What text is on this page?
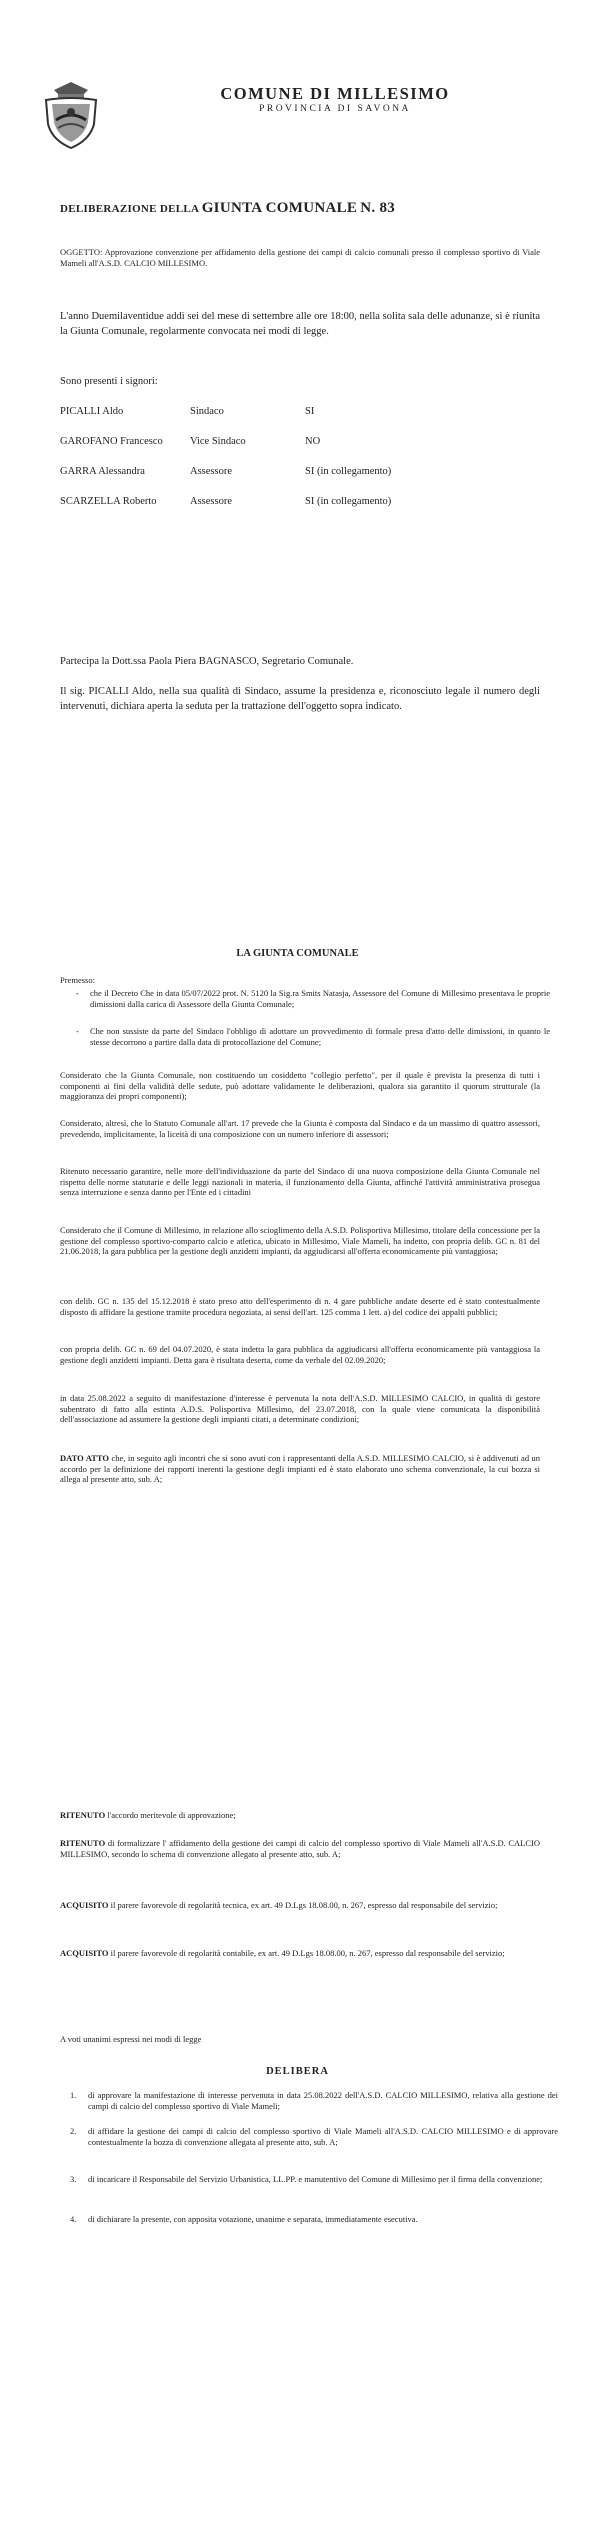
COMUNE DI MILLESIMO
PROVINCIA DI SAVONA
DELIBERAZIONE DELLA GIUNTA COMUNALE N. 83
OGGETTO: Approvazione convenzione per affidamento della gestione dei campi di calcio comunali presso il complesso sportivo di Viale Mameli all'A.S.D. CALCIO MILLESIMO.
L'anno Duemilaventidue addì sei del mese di settembre alle ore 18:00, nella solita sala delle adunanze, si è riunita la Giunta Comunale, regolarmente convocata nei modi di legge.
Sono presenti i signori:
PICALLI Aldo	Sindaco	SI
GAROFANO Francesco	Vice Sindaco	NO
GARRA Alessandra	Assessore	SI (in collegamento)
SCARZELLA Roberto	Assessore	SI (in collegamento)
Partecipa la Dott.ssa Paola Piera BAGNASCO, Segretario Comunale.
Il sig. PICALLI Aldo, nella sua qualità di Sindaco, assume la presidenza e, riconosciuto legale il numero degli intervenuti, dichiara aperta la seduta per la trattazione dell'oggetto sopra indicato.
LA GIUNTA COMUNALE
Premesso:
- che il Decreto Che in data 05/07/2022 prot. N. 5120 la Sig.ra Smits Natasja, Assessore del Comune di Millesimo presentava le proprie dimissioni dalla carica di Assessore della Giunta Comunale;
- Che non sussiste da parte del Sindaco l'obbligo di adottare un provvedimento di formale presa d'atto delle dimissioni, in quanto le stesse decorrono a partire dalla data di protocollazione del Comune;
Considerato che la Giunta Comunale, non costituendo un cosiddetto "collegio perfetto", per il quale è prevista la presenza di tutti i componenti ai fini della validità delle sedute, può adottare validamente le deliberazioni, qualora sia garantito il quorum strutturale (la maggioranza dei propri componenti);
Considerato, altresì, che lo Statuto Comunale all'art. 17 prevede che la Giunta è composta dal Sindaco e da un massimo di quattro assessori, prevedendo, implicitamente, la liceità di una composizione con un numero inferiore di assessori;
Ritenuto necessario garantire, nelle more dell'individuazione da parte del Sindaco di una nuova composizione della Giunta Comunale nel rispetto delle norme statutarie e delle leggi nazionali in materia, il funzionamento della Giunta, affinché l'attività amministrativa prosegua senza interruzione e senza danno per l'Ente ed i cittadini
Considerato che il Comune di Millesimo, in relazione allo scioglimento della A.S.D. Polisportiva Millesimo, titolare della concessione per la gestione del complesso sportivo-comparto calcio e atletica, ubicato in Millesimo, Viale Mameli, ha indetto, con propria delib. GC n. 81 del 21.06.2018, la gara pubblica per la gestione degli anzidetti impianti, da aggiudicarsi all'offerta economicamente più vantaggiosa;
con delib. GC n. 135 del 15.12.2018 è stato preso atto dell'esperimento di n. 4 gare pubbliche andate deserte ed è stato contestualmente disposto di affidare la gestione tramite procedura negoziata, ai sensi dell'art. 125 comma 1 lett. a) del codice dei appalti pubblici;
con propria delib. GC n. 69 del 04.07.2020, è stata indetta la gara pubblica da aggiudicarsi all'offerta economicamente più vantaggiosa la gestione degli anzidetti impianti. Detta gara è risultata deserta, come da verbale del 02.09.2020;
in data 25.08.2022 a seguito di manifestazione d'interesse è pervenuta la nota dell'A.S.D. MILLESIMO CALCIO, in qualità di gestore subentrato di fatto alla estinta A.D.S. Polisportiva Millesimo, del 23.07.2018, con la quale viene comunicata la disponibilità dell'associazione ad assumere la gestione degli impianti citati, a determinate condizioni;
DATO ATTO che, in seguito agli incontri che si sono avuti con i rappresentanti della A.S.D. MILLESIMO CALCIO, si è addivenuti ad un accordo per la definizione dei rapporti inerenti la gestione degli impianti ed è stato elaborato uno schema convenzionale, la cui bozza si allega al presente atto, sub. A;
RITENUTO l'accordo meritevole di approvazione;
RITENUTO di formalizzare l' affidamento della gestione dei campi di calcio del complesso sportivo di Viale Mameli all'A.S.D. CALCIO MILLESIMO, secondo lo schema di convenzione allegato al presente atto, sub. A;
ACQUISITO il parere favorevole di regolarità tecnica, ex art. 49 D.Lgs 18.08.00, n. 267, espresso dal responsabile del servizio;
ACQUISITO il parere favorevole di regolarità contabile, ex art. 49 D.Lgs 18.08.00, n. 267, espresso dal responsabile del servizio;
A voti unanimi espressi nei modi di legge
DELIBERA
1. di approvare la manifestazione di interesse pervenuta in data 25.08.2022 dell'A.S.D. CALCIO MILLESIMO, relativa alla gestione dei campi di calcio del complesso sportivo di Viale Mameli;
2. di affidare la gestione dei campi di calcio del complesso sportivo di Viale Mameli all'A.S.D. CALCIO MILLESIMO e di approvare contestualmente la bozza di convenzione allegata al presente atto, sub. A;
3. di incaricare il Responsabile del Servizio Urbanistica, LL.PP. e manutentivo del Comune di Millesimo per il firma della convenzione;
4. di dichiarare la presente, con apposita votazione, unanime e separata, immediatamente esecutiva.
